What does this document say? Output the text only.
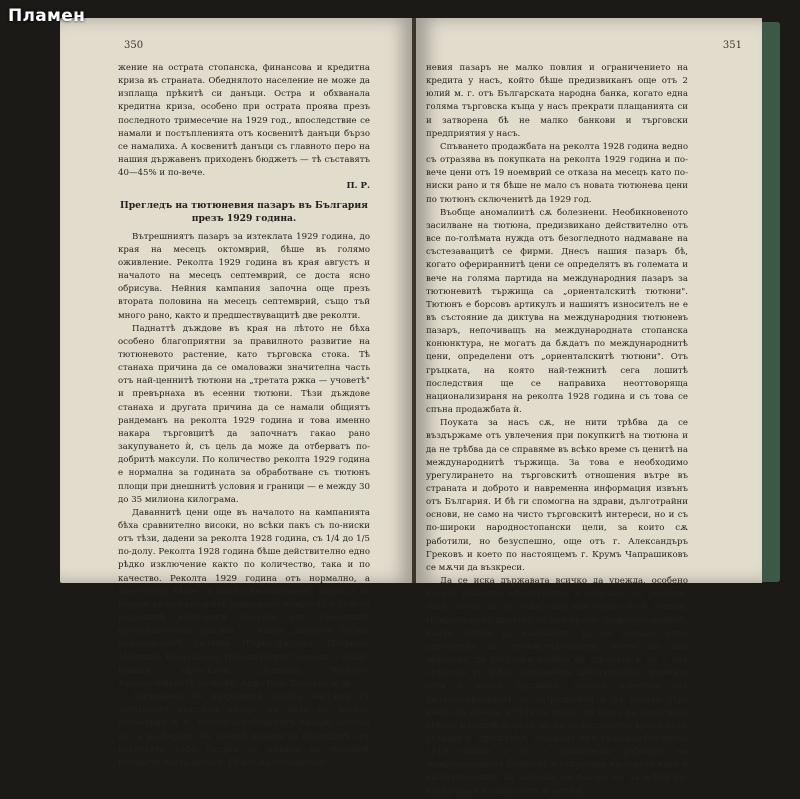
Пламен
350

жение на острата стопанска, финансова и кредитна криза въ страната. Обеднялото население не може да изплаща прѣкитѣ си данъци. Остра и обхванала кредитна криза, особено при острата проява презъ последното тримесечие на 1929 год., впоследствие се намали и постъпленията отъ косвенитѣ данъци бързо се намалиха. А косвенитѣ данъци съ главното перо на нашия държавенъ приходенъ бюджетъ — тѣ съставятъ 40—45% и по-вече.

П. Р.

Прегледъ на тютюневия пазаръ въ България презъ 1929 година.

Вътрешниятъ пазаръ за изтеклата 1929 година, до края на месецъ октомврий, бѣше въ голямо оживление. Реколта 1929 година въ края августъ и началото на месецъ септемврий, се доста ясно обрисува. Нейния кампания започна още презъ втората половина на месецъ септемврий, също тъй много рано, както и предшествуващитѣ две реколти.

Паднаттѣ дъждове въ края на лѣтото не бѣха особено благоприятни за правилното развитие на тютюневото растение, като търговска стока. Тѣ станаха причина да се омаловажи значителна часть отъ най-ценнитѣ тютюни на „третата ржка — учоветѣ" и превърнаха въ есенни тютюни. Тѣзи дъждове станаха и другата причина да се намали общиятъ рандеманъ на реколта 1929 година и това именно накара търговцитѣ да започнатъ гакао рано закупуването ѝ, съ цель да може да отберватъ по-добритѣ максули. По количество реколта 1929 година е нормална за годината за обработване съ тютюнъ площи при днешнитѣ условия и граници — е между 30 до 35 милиона килограма.

Даваннитѣ цени още въ началото на кампанията бѣха сравнително високи, но всѣки пакъ съ по-ниски отъ тѣзи, дадени за реколта 1928 година, съ 1/4 до 1/5 по-долу. Реколта 1928 година бѣше действително едно рѣдко изключение както по количество, така и по качество. Реколта 1929 година отъ нормално, а качеството бѣше съ много необикновено добро и се изрази въ най-високитѣ рандемани между 40 и 50% за редовнитѣ експортни тютюни отъ известнитѣ производителни райони — както джебелъ басма, македонскитѣ тютюни (Горна-Джумая, Петричъ, Мелникъ, Неврокопъ), Пловдивскитѣ тютюни — Кошу-Кавакъ, Орта-Кьой, Дупница, Хасково-Харманлийскитѣ балкани, Ардо-Бою, Кавакли и др.

Затягането на вътрешния пазаръ настѫпи съ затягането външния пазаръ въ края на месецъ октомврий м. г., когато европейскитѣ пазари можеха да се разбератъ, че ценитѣ дадени за партидитѣ отъ реколтата 1928 година се видяха на чуждитѣ купувачи доста високи. При това положение

351

невия пазаръ не малко повлия и ограничението на кредита у насъ, който бѣше предизвиканъ още отъ 2 юлий м. г. отъ Българската народна банка, когато една голяма търговска къща у насъ прекрати плащанията си и затворена бѣ не малко банкови и търговски предприятия у насъ.

Спъването продажбата на реколта 1928 година ведно съ отразява въ покупката на реколта 1929 година и по-вече цени отъ 19 ноемврий се отказа на месецъ като по-ниски рано и тя бѣше не мало съ новата тютюнева цени по тютюнъ сключенитѣ да 1929 год.

Въобще аномалиитѣ сѫ болезнени. Необикновеното засилване на тютюна, предизвикано действително отъ все по-голѣмата нужда отъ безогледното надмаване на състезаващитѣ се фирми. Днесъ нашия пазаръ бѣ, когато оферираннитѣ цени се определятъ въ големата и вече на голяма партида на международния пазаръ за тютюневитѣ тържища са „ориенталскитѣ тютюни". Тютюнъ е борсовъ артикулъ и нашиятъ износителъ не е въ състояние да диктува на международния тютюневъ пазаръ, непочиващъ на международната стопанска конюнктура, не могатъ да бѫдатъ по международнитѣ цени, определени отъ „ориенталскитѣ тютюни". Отъ гръцката, на която най-тежнитѣ сега лошитѣ последствия ще се направиха неоттоворяща национализираня на реколта 1928 година и съ това се спъна продажбата ѝ.

Поуката за насъ сѫ, не нити трѣбва да се въздържаме отъ увлечения при покупкитѣ на тютюна и да не трѣбва да се справяме въ всѣко време съ ценитѣ на международнитѣ тържища. За това е необходимо урегулирането на търговскитѣ отношения вътре въ страната и доброто и навременна информация извънъ отъ България. И бѣ ги спомогна на здрави, дълготрайни основи, не само на чисто търговскитѣ интереси, но и съ по-широки народностопански цели, за които сѫ работили, но безуспешно, още отъ г. Александъръ Грековъ и което по настоящемъ г. Крумъ Чапрашиковъ се мѫчи да възкреси.

Да се иска държавата всичко да урежда, особено когато известно мѣроприятие е свързано съ разходи, това значи да се чака още най-малко 5—6 години. Нуждата сама диктува на най-прямо заинтересованитѣ, които трѣбва да направятъ, да се създаде едно сдружение на тютюнотърговцитѣ, което да има задачата, да регулира цените въ страната и да е отъ срѣдства въ всѣко отношение действително, момента сега е много трудникъ, защото повечето отъ тютюнотърговцитѣ съ затруднения и не могатъ утре какво ги очаква и тѣхъ се много ли може да извоюватъ твърде малкитѣ жертви, но по съ достатъчно време да се създаде и сдружение, основано при създаването презъ 1919 година и то е фактически работило на международната дейность и съпротива на търговскитѣ и експортьорнитѣ на тютюна, че пазаръ не на всѣки по-ниски цени и затлъстятъ и загуби.
